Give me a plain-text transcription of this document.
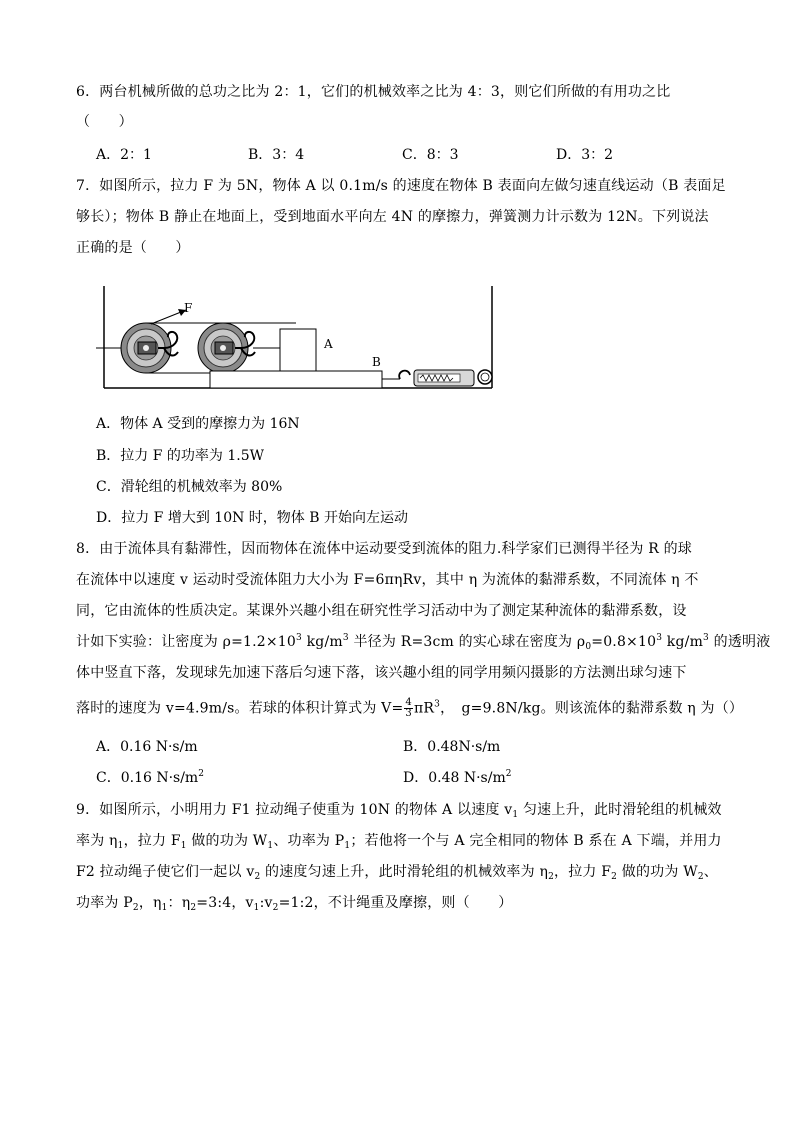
6．两台机械所做的总功之比为 2：1，它们的机械效率之比为 4：3，则它们所做的有用功之比
（　　）
A．2：1	B．3：4	C．8：3	D．3：2
7．如图所示，拉力 F 为 5N，物体 A 以 0.1m/s 的速度在物体 B 表面向左做匀速直线运动（B 表面足
够长）；物体 B 静止在地面上，受到地面水平向左 4N 的摩擦力，弹簧测力计示数为 12N。下列说法
正确的是（　　）
F
A
B
A．物体 A 受到的摩擦力为 16N
B．拉力 F 的功率为 1.5W
C．滑轮组的机械效率为 80%
D．拉力 F 增大到 10N 时，物体 B 开始向左运动
8．由于流体具有黏滞性，因而物体在流体中运动要受到流体的阻力.科学家们已测得半径为 R 的球
在流体中以速度 v 运动时受流体阻力大小为 F=6πηRv，其中 η 为流体的黏滞系数，不同流体 η 不
同，它由流体的性质决定。某课外兴趣小组在研究性学习活动中为了测定某种流体的黏滞系数，设
计如下实验：让密度为 $\rho=1.2\times 10^3$ $kg/m^3$ 半径为 R=3cm 的实心球在密度为 $\rho_0=0.8\times 10^3$ $kg/m^3$ 的透明液
体中竖直下落，发现球先加速下落后匀速下落，该兴趣小组的同学用频闪摄影的方法测出球匀速下
落时的速度为 v=4.9m/s。若球的体积计算式为 $V= \frac{4}{3} \pi R^3$，　g=9.8N/kg。则该流体的黏滞系数 η 为（）
A．0.16 N·s/m	B．0.48N·s/m
C．0.16 $N\cdot s/m^2$	D．0.48 $N\cdot s/m^2$
9．如图所示，小明用力 F1 拉动绳子使重为 10N 的物体 A 以速度 $v_1$ 匀速上升，此时滑轮组的机械效
率为 $\eta_1$，拉力 $F_1$ 做的功为 $W_1$、功率为 $P_1$；若他将一个与 A 完全相同的物体 B 系在 A 下端，并用力
F2 拉动绳子使它们一起以 $v_2$ 的速度匀速上升，此时滑轮组的机械效率为 $\eta_2$，拉力 $F_2$ 做的功为 $W_2$、
功率为 $P_2$，$\eta_1$：$\eta_2=3:4$，$v_1:v_2=1:2$，不计绳重及摩擦，则（　　）
